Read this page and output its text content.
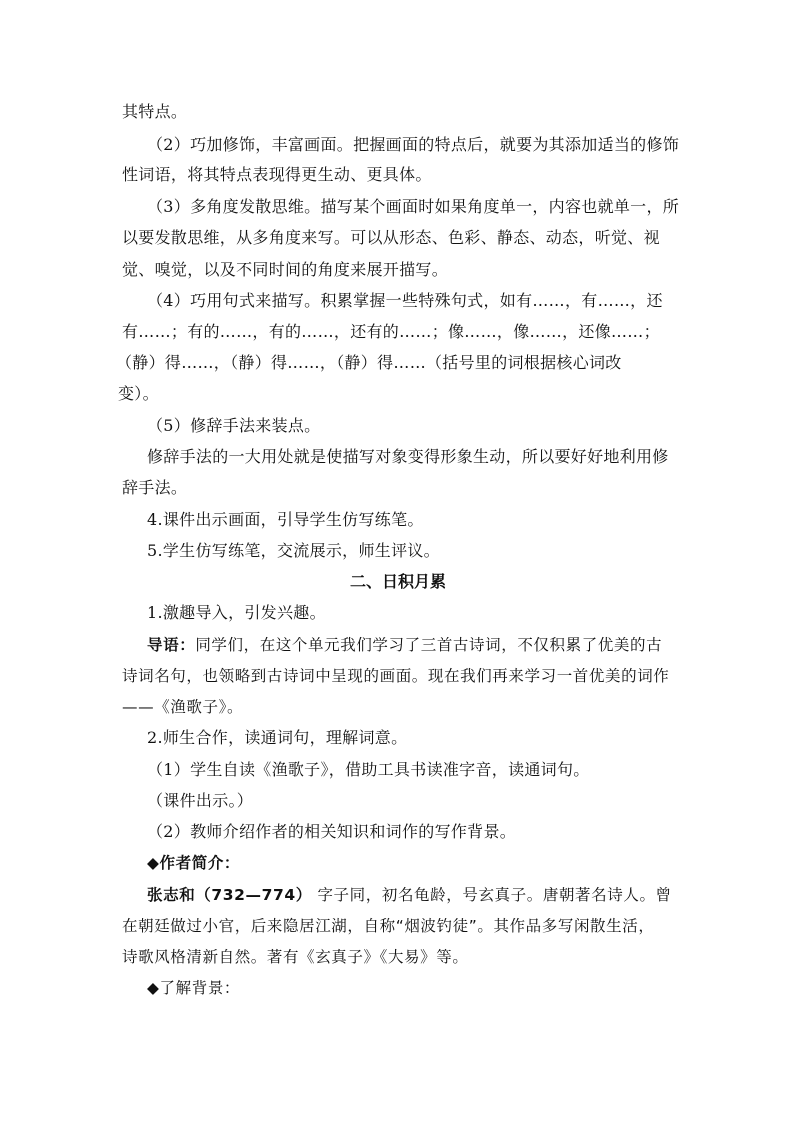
其特点。
（2）巧加修饰，丰富画面。把握画面的特点后，就要为其添加适当的修饰
性词语，将其特点表现得更生动、更具体。
（3）多角度发散思维。描写某个画面时如果角度单一，内容也就单一，所
以要发散思维，从多角度来写。可以从形态、色彩、静态、动态，听觉、视
觉、嗅觉，以及不同时间的角度来展开描写。
（4）巧用句式来描写。积累掌握一些特殊句式，如有……，有……，还
有……；有的……，有的……，还有的……；像……，像……，还像……；
（静）得……，（静）得……，（静）得……（括号里的词根据核心词改
变）。
（5）修辞手法来装点。
修辞手法的一大用处就是使描写对象变得形象生动，所以要好好地利用修
辞手法。
4.课件出示画面，引导学生仿写练笔。
5.学生仿写练笔，交流展示，师生评议。
二、日积月累
1.激趣导入，引发兴趣。
导语：同学们，在这个单元我们学习了三首古诗词，不仅积累了优美的古
诗词名句，也领略到古诗词中呈现的画面。现在我们再来学习一首优美的词作
——《渔歌子》。
2.师生合作，读通词句，理解词意。
（1）学生自读《渔歌子》，借助工具书读准字音，读通词句。
（课件出示。）
（2）教师介绍作者的相关知识和词作的写作背景。
◆作者简介：
张志和（732—774） 字子同，初名龟龄，号玄真子。唐朝著名诗人。曾
在朝廷做过小官，后来隐居江湖，自称“烟波钓徒”。其作品多写闲散生活，
诗歌风格清新自然。著有《玄真子》《大易》等。
◆了解背景：
